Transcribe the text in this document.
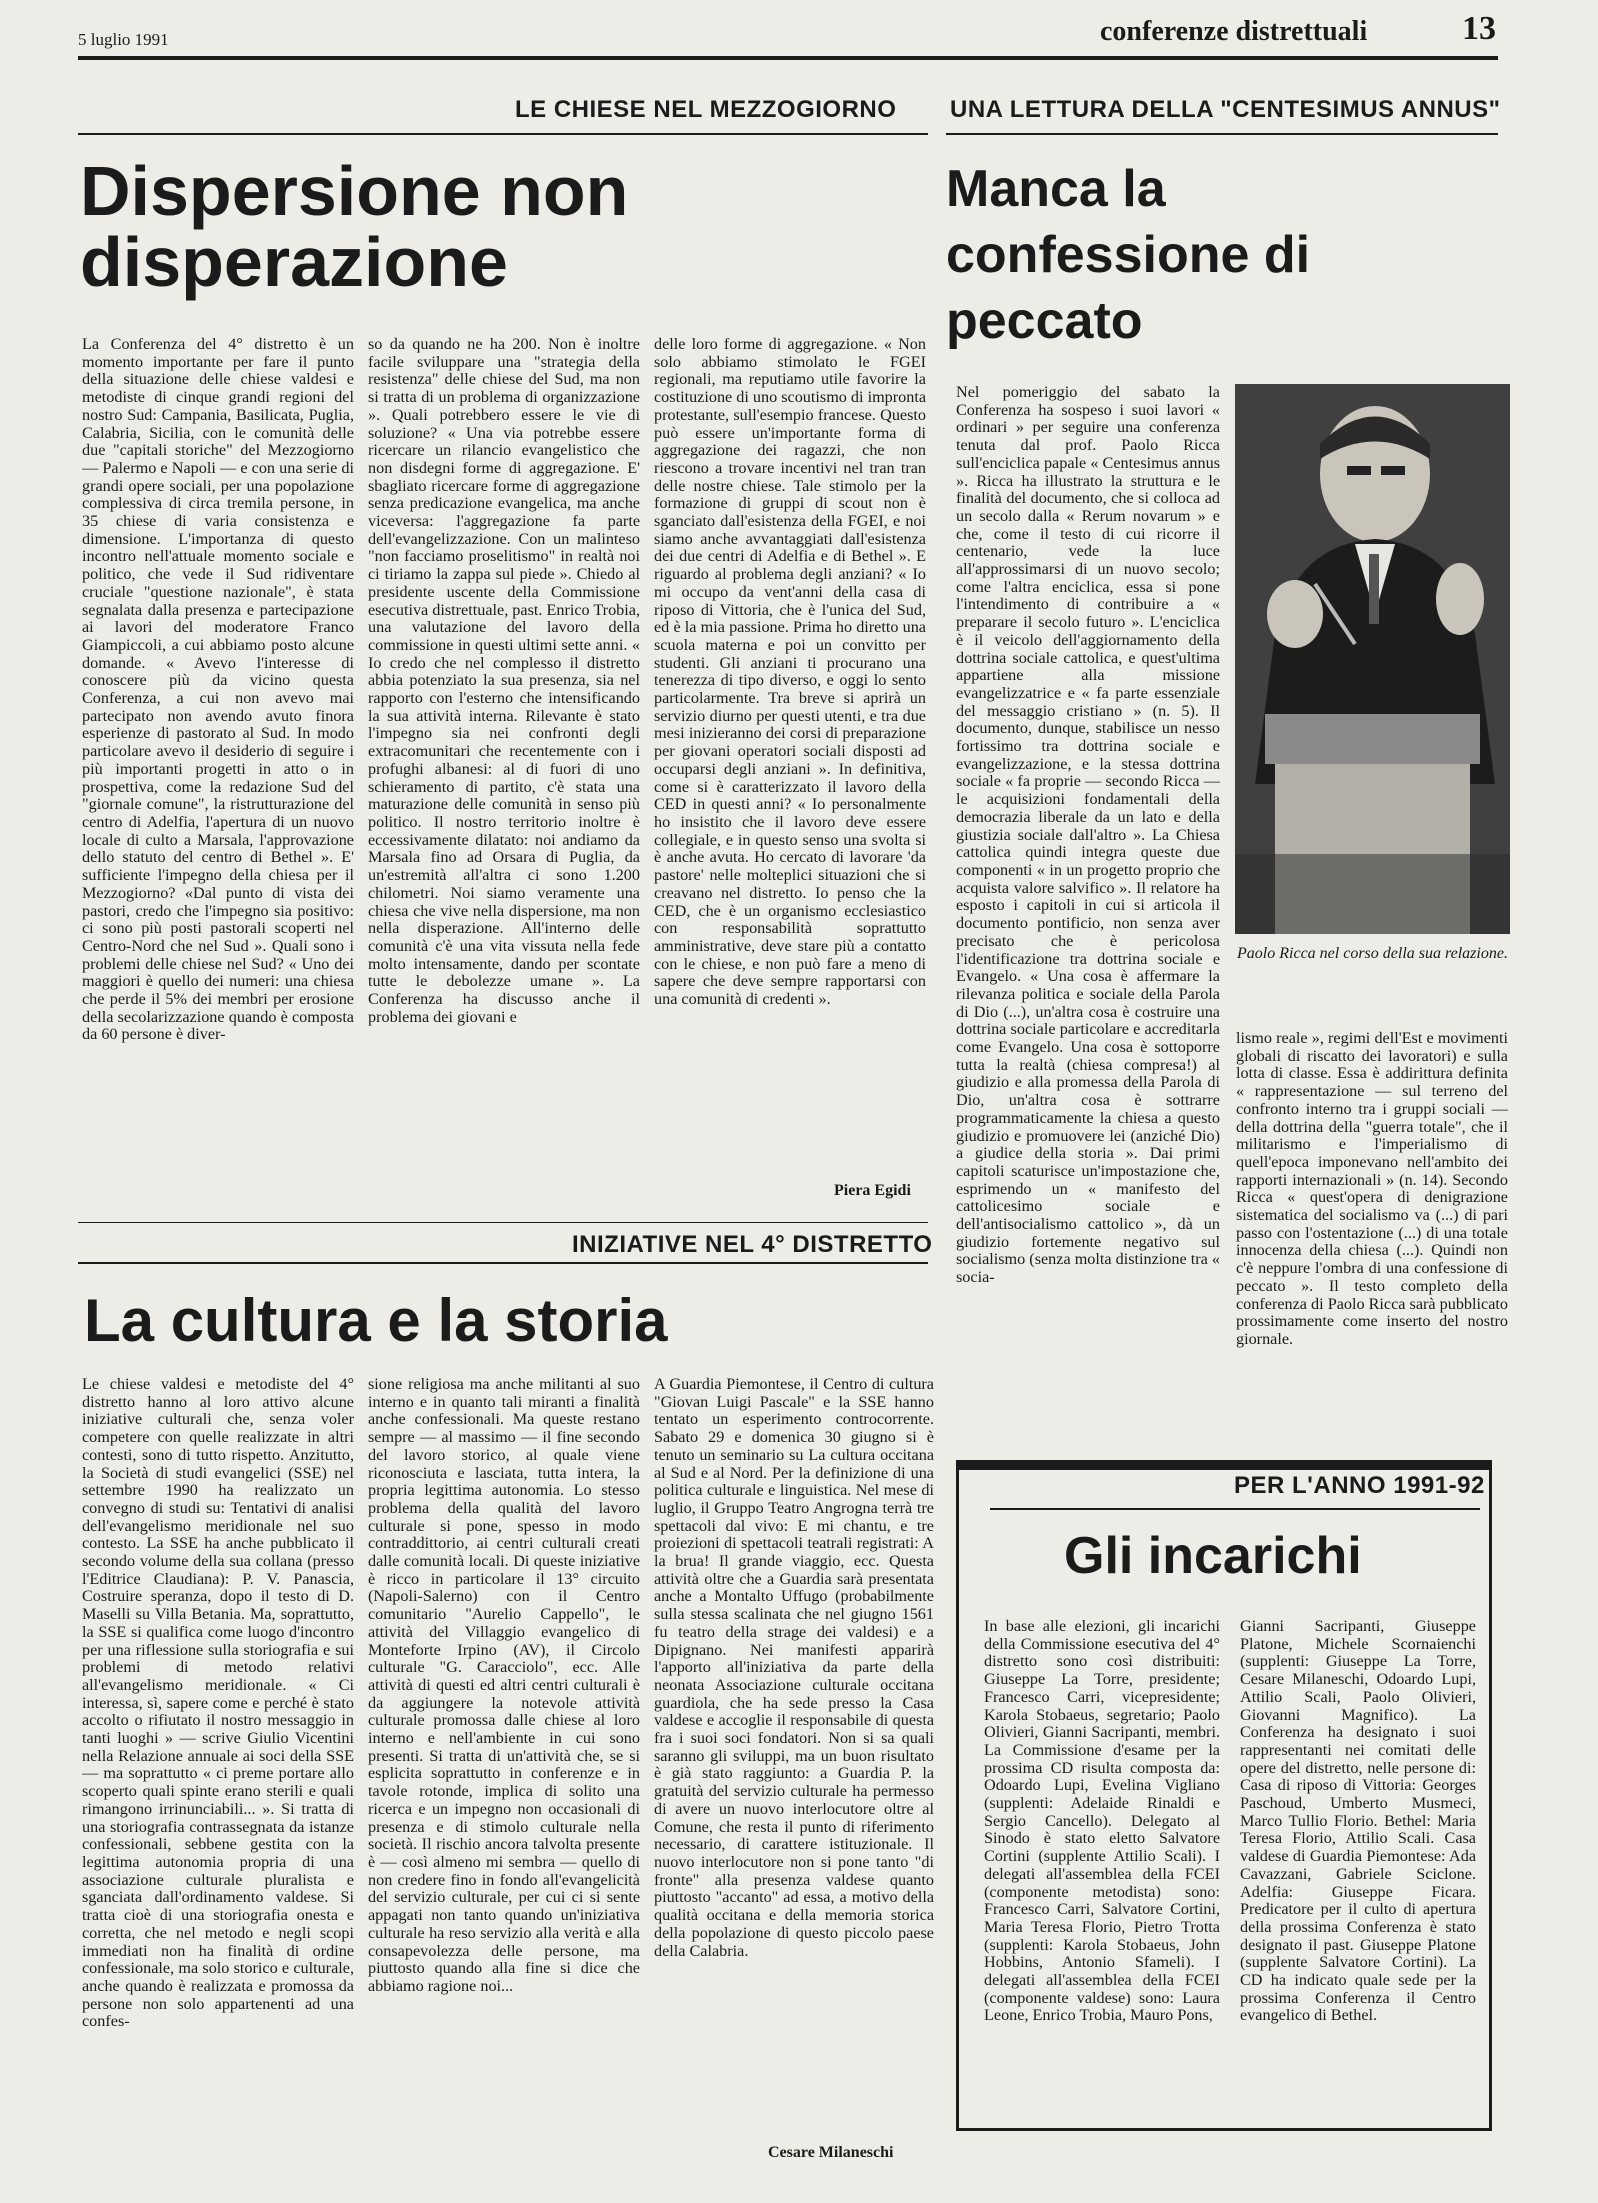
5 luglio 1991	conferenze distrettuali	13
LE CHIESE NEL MEZZOGIORNO UNA LETTURA DELLA "CENTESIMUS ANNUS"
Dispersione non disperazione
La Conferenza del 4° distretto è un momento importante per fare il punto della situazione delle chiese valdesi e metodiste di cinque grandi regioni del nostro Sud: Campania, Basilicata, Puglia, Calabria, Sicilia, con le comunità delle due "capitali storiche" del Mezzogiorno — Palermo e Napoli — e con una serie di grandi opere sociali, per una popolazione complessiva di circa tremila persone, in 35 chiese di varia consistenza e dimensione. L'importanza di questo incontro nell'attuale momento sociale e politico, che vede il Sud ridiventare cruciale "questione nazionale", è stata segnalata dalla presenza e partecipazione ai lavori del moderatore Franco Giampiccoli, a cui abbiamo posto alcune domande. « Avevo l'interesse di conoscere più da vicino questa Conferenza, a cui non avevo mai partecipato non avendo avuto finora esperienze di pastorato al Sud. In modo particolare avevo il desiderio di seguire i più importanti progetti in atto o in prospettiva, come la redazione Sud del "giornale comune", la ristrutturazione del centro di Adelfia, l'apertura di un nuovo locale di culto a Marsala, l'approvazione dello statuto del centro di Bethel ». E' sufficiente l'impegno della chiesa per il Mezzogiorno? «Dal punto di vista dei pastori, credo che l'impegno sia positivo: ci sono più posti pastorali scoperti nel Centro-Nord che nel Sud ». Quali sono i problemi delle chiese nel Sud? « Uno dei maggiori è quello dei numeri: una chiesa che perde il 5% dei membri per erosione della secolarizzazione quando è composta da 60 persone è diver-
so da quando ne ha 200. Non è inoltre facile sviluppare una "strategia della resistenza" delle chiese del Sud, ma non si tratta di un problema di organizzazione ». Quali potrebbero essere le vie di soluzione? « Una via potrebbe essere ricercare un rilancio evangelistico che non disdegni forme di aggregazione. E' sbagliato ricercare forme di aggregazione senza predicazione evangelica, ma anche viceversa: l'aggregazione fa parte dell'evangelizzazione. Con un malinteso "non facciamo proselitismo" in realtà noi ci tiriamo la zappa sul piede ». Chiedo al presidente uscente della Commissione esecutiva distrettuale, past. Enrico Trobia, una valutazione del lavoro della commissione in questi ultimi sette anni. « Io credo che nel complesso il distretto abbia potenziato la sua presenza, sia nel rapporto con l'esterno che intensificando la sua attività interna. Rilevante è stato l'impegno sia nei confronti degli extracomunitari che recentemente con i profughi albanesi: al di fuori di uno schieramento di partito, c'è stata una maturazione delle comunità in senso più politico. Il nostro territorio inoltre è eccessivamente dilatato: noi andiamo da Marsala fino ad Orsara di Puglia, da un'estremità all'altra ci sono 1.200 chilometri. Noi siamo veramente una chiesa che vive nella dispersione, ma non nella disperazione. All'interno delle comunità c'è una vita vissuta nella fede molto intensamente, dando per scontate tutte le debolezze umane ». La Conferenza ha discusso anche il problema dei giovani e
delle loro forme di aggregazione. « Non solo abbiamo stimolato le FGEI regionali, ma reputiamo utile favorire la costituzione di uno scoutismo di impronta protestante, sull'esempio francese. Questo può essere un'importante forma di aggregazione dei ragazzi, che non riescono a trovare incentivi nel tran tran delle nostre chiese. Tale stimolo per la formazione di gruppi di scout non è sganciato dall'esistenza della FGEI, e noi siamo anche avvantaggiati dall'esistenza dei due centri di Adelfia e di Bethel ». E riguardo al problema degli anziani? « Io mi occupo da vent'anni della casa di riposo di Vittoria, che è l'unica del Sud, ed è la mia passione. Prima ho diretto una scuola materna e poi un convitto per studenti. Gli anziani ti procurano una tenerezza di tipo diverso, e oggi lo sento particolarmente. Tra breve si aprirà un servizio diurno per questi utenti, e tra due mesi inizieranno dei corsi di preparazione per giovani operatori sociali disposti ad occuparsi degli anziani ». In definitiva, come si è caratterizzato il lavoro della CED in questi anni? « Io personalmente ho insistito che il lavoro deve essere collegiale, e in questo senso una svolta si è anche avuta. Ho cercato di lavorare 'da pastore' nelle molteplici situazioni che si creavano nel distretto. Io penso che la CED, che è un organismo ecclesiastico con responsabilità soprattutto amministrative, deve stare più a contatto con le chiese, e non può fare a meno di sapere che deve sempre rapportarsi con una comunità di credenti ».
Piera Egidi
Manca la confessione di peccato
Nel pomeriggio del sabato la Conferenza ha sospeso i suoi lavori « ordinari » per seguire una conferenza tenuta dal prof. Paolo Ricca sull'enciclica papale « Centesimus annus ». Ricca ha illustrato la struttura e le finalità del documento, che si colloca ad un secolo dalla « Rerum novarum » e che, come il testo di cui ricorre il centenario, vede la luce all'approssimarsi di un nuovo secolo; come l'altra enciclica, essa si pone l'intendimento di contribuire a « preparare il secolo futuro ». L'enciclica è il veicolo dell'aggiornamento della dottrina sociale cattolica, e quest'ultima appartiene alla missione evangelizzatrice e « fa parte essenziale del messaggio cristiano » (n. 5). Il documento, dunque, stabilisce un nesso fortissimo tra dottrina sociale e evangelizzazione, e la stessa dottrina sociale « fa proprie — secondo Ricca — le acquisizioni fondamentali della democrazia liberale da un lato e della giustizia sociale dall'altro ». La Chiesa cattolica quindi integra queste due componenti « in un progetto proprio che acquista valore salvifico ». Il relatore ha esposto i capitoli in cui si articola il documento pontificio, non senza aver precisato che è pericolosa l'identificazione tra dottrina sociale e Evangelo. « Una cosa è affermare la rilevanza politica e sociale della Parola di Dio (...), un'altra cosa è costruire una dottrina sociale particolare e accreditarla come Evangelo. Una cosa è sottoporre tutta la realtà (chiesa compresa!) al giudizio e alla promessa della Parola di Dio, un'altra cosa è sottrarre programmaticamente la chiesa a questo giudizio e promuovere lei (anziché Dio) a giudice della storia ». Dai primi capitoli scaturisce un'impostazione che, esprimendo un « manifesto del cattolicesimo sociale e dell'antisocialismo cattolico », dà un giudizio fortemente negativo sul socialismo (senza molta distinzione tra « socia-
Paolo Ricca nel corso della sua relazione.
lismo reale », regimi dell'Est e movimenti globali di riscatto dei lavoratori) e sulla lotta di classe. Essa è addirittura definita « rappresentazione — sul terreno del confronto interno tra i gruppi sociali — della dottrina della "guerra totale", che il militarismo e l'imperialismo di quell'epoca imponevano nell'ambito dei rapporti internazionali » (n. 14). Secondo Ricca « quest'opera di denigrazione sistematica del socialismo va (...) di pari passo con l'ostentazione (...) di una totale innocenza della chiesa (...). Quindi non c'è neppure l'ombra di una confessione di peccato ». Il testo completo della conferenza di Paolo Ricca sarà pubblicato prossimamente come inserto del nostro giornale.
INIZIATIVE NEL 4° DISTRETTO
La cultura e la storia
Le chiese valdesi e metodiste del 4° distretto hanno al loro attivo alcune iniziative culturali che, senza voler competere con quelle realizzate in altri contesti, sono di tutto rispetto. Anzitutto, la Società di studi evangelici (SSE) nel settembre 1990 ha realizzato un convegno di studi su: Tentativi di analisi dell'evangelismo meridionale nel suo contesto. La SSE ha anche pubblicato il secondo volume della sua collana (presso l'Editrice Claudiana): P. V. Panascia, Costruire speranza, dopo il testo di D. Maselli su Villa Betania. Ma, soprattutto, la SSE si qualifica come luogo d'incontro per una riflessione sulla storiografia e sui problemi di metodo relativi all'evangelismo meridionale. « Ci interessa, sì, sapere come e perché è stato accolto o rifiutato il nostro messaggio in tanti luoghi » — scrive Giulio Vicentini nella Relazione annuale ai soci della SSE — ma soprattutto « ci preme portare allo scoperto quali spinte erano sterili e quali rimangono irrinunciabili... ». Si tratta di una storiografia contrassegnata da istanze confessionali, sebbene gestita con la legittima autonomia propria di una associazione culturale pluralista e sganciata dall'ordinamento valdese. Si tratta cioè di una storiografia onesta e corretta, che nel metodo e negli scopi immediati non ha finalità di ordine confessionale, ma solo storico e culturale, anche quando è realizzata e promossa da persone non solo appartenenti ad una confes-
sione religiosa ma anche militanti al suo interno e in quanto tali miranti a finalità anche confessionali. Ma queste restano sempre — al massimo — il fine secondo del lavoro storico, al quale viene riconosciuta e lasciata, tutta intera, la propria legittima autonomia. Lo stesso problema della qualità del lavoro culturale si pone, spesso in modo contraddittorio, ai centri culturali creati dalle comunità locali. Di queste iniziative è ricco in particolare il 13° circuito (Napoli-Salerno) con il Centro comunitario "Aurelio Cappello", le attività del Villaggio evangelico di Monteforte Irpino (AV), il Circolo culturale "G. Caracciolo", ecc. Alle attività di questi ed altri centri culturali è da aggiungere la notevole attività culturale promossa dalle chiese al loro interno e nell'ambiente in cui sono presenti. Si tratta di un'attività che, se si esplicita soprattutto in conferenze e in tavole rotonde, implica di solito una ricerca e un impegno non occasionali di presenza e di stimolo culturale nella società. Il rischio ancora talvolta presente è — così almeno mi sembra — quello di non credere fino in fondo all'evangelicità del servizio culturale, per cui ci si sente appagati non tanto quando un'iniziativa culturale ha reso servizio alla verità e alla consapevolezza delle persone, ma piuttosto quando alla fine si dice che abbiamo ragione noi...
A Guardia Piemontese, il Centro di cultura "Giovan Luigi Pascale" e la SSE hanno tentato un esperimento controcorrente. Sabato 29 e domenica 30 giugno si è tenuto un seminario su La cultura occitana al Sud e al Nord. Per la definizione di una politica culturale e linguistica. Nel mese di luglio, il Gruppo Teatro Angrogna terrà tre spettacoli dal vivo: E mi chantu, e tre proiezioni di spettacoli teatrali registrati: A la brua! Il grande viaggio, ecc. Questa attività oltre che a Guardia sarà presentata anche a Montalto Uffugo (probabilmente sulla stessa scalinata che nel giugno 1561 fu teatro della strage dei valdesi) e a Dipignano. Nei manifesti apparirà l'apporto all'iniziativa da parte della neonata Associazione culturale occitana guardiola, che ha sede presso la Casa valdese e accoglie il responsabile di questa fra i suoi soci fondatori. Non si sa quali saranno gli sviluppi, ma un buon risultato è già stato raggiunto: a Guardia P. la gratuità del servizio culturale ha permesso di avere un nuovo interlocutore oltre al Comune, che resta il punto di riferimento necessario, di carattere istituzionale. Il nuovo interlocutore non si pone tanto "di fronte" alla presenza valdese quanto piuttosto "accanto" ad essa, a motivo della qualità occitana e della memoria storica della popolazione di questo piccolo paese della Calabria.
Cesare Milaneschi
PER L'ANNO 1991-92
Gli incarichi
In base alle elezioni, gli incarichi della Commissione esecutiva del 4° distretto sono così distribuiti: Giuseppe La Torre, presidente; Francesco Carri, vicepresidente; Karola Stobaeus, segretario; Paolo Olivieri, Gianni Sacripanti, membri. La Commissione d'esame per la prossima CD risulta composta da: Odoardo Lupi, Evelina Vigliano (supplenti: Adelaide Rinaldi e Sergio Cancello). Delegato al Sinodo è stato eletto Salvatore Cortini (supplente Attilio Scali). I delegati all'assemblea della FCEI (componente metodista) sono: Francesco Carri, Salvatore Cortini, Maria Teresa Florio, Pietro Trotta (supplenti: Karola Stobaeus, John Hobbins, Antonio Sfameli). I delegati all'assemblea della FCEI (componente valdese) sono: Laura Leone, Enrico Trobia, Mauro Pons,
Gianni Sacripanti, Giuseppe Platone, Michele Scornaienchi (supplenti: Giuseppe La Torre, Cesare Milaneschi, Odoardo Lupi, Attilio Scali, Paolo Olivieri, Giovanni Magnifico). La Conferenza ha designato i suoi rappresentanti nei comitati delle opere del distretto, nelle persone di: Casa di riposo di Vittoria: Georges Paschoud, Umberto Musmeci, Marco Tullio Florio. Bethel: Maria Teresa Florio, Attilio Scali. Casa valdese di Guardia Piemontese: Ada Cavazzani, Gabriele Sciclone. Adelfia: Giuseppe Ficara. Predicatore per il culto di apertura della prossima Conferenza è stato designato il past. Giuseppe Platone (supplente Salvatore Cortini). La CD ha indicato quale sede per la prossima Conferenza il Centro evangelico di Bethel.
